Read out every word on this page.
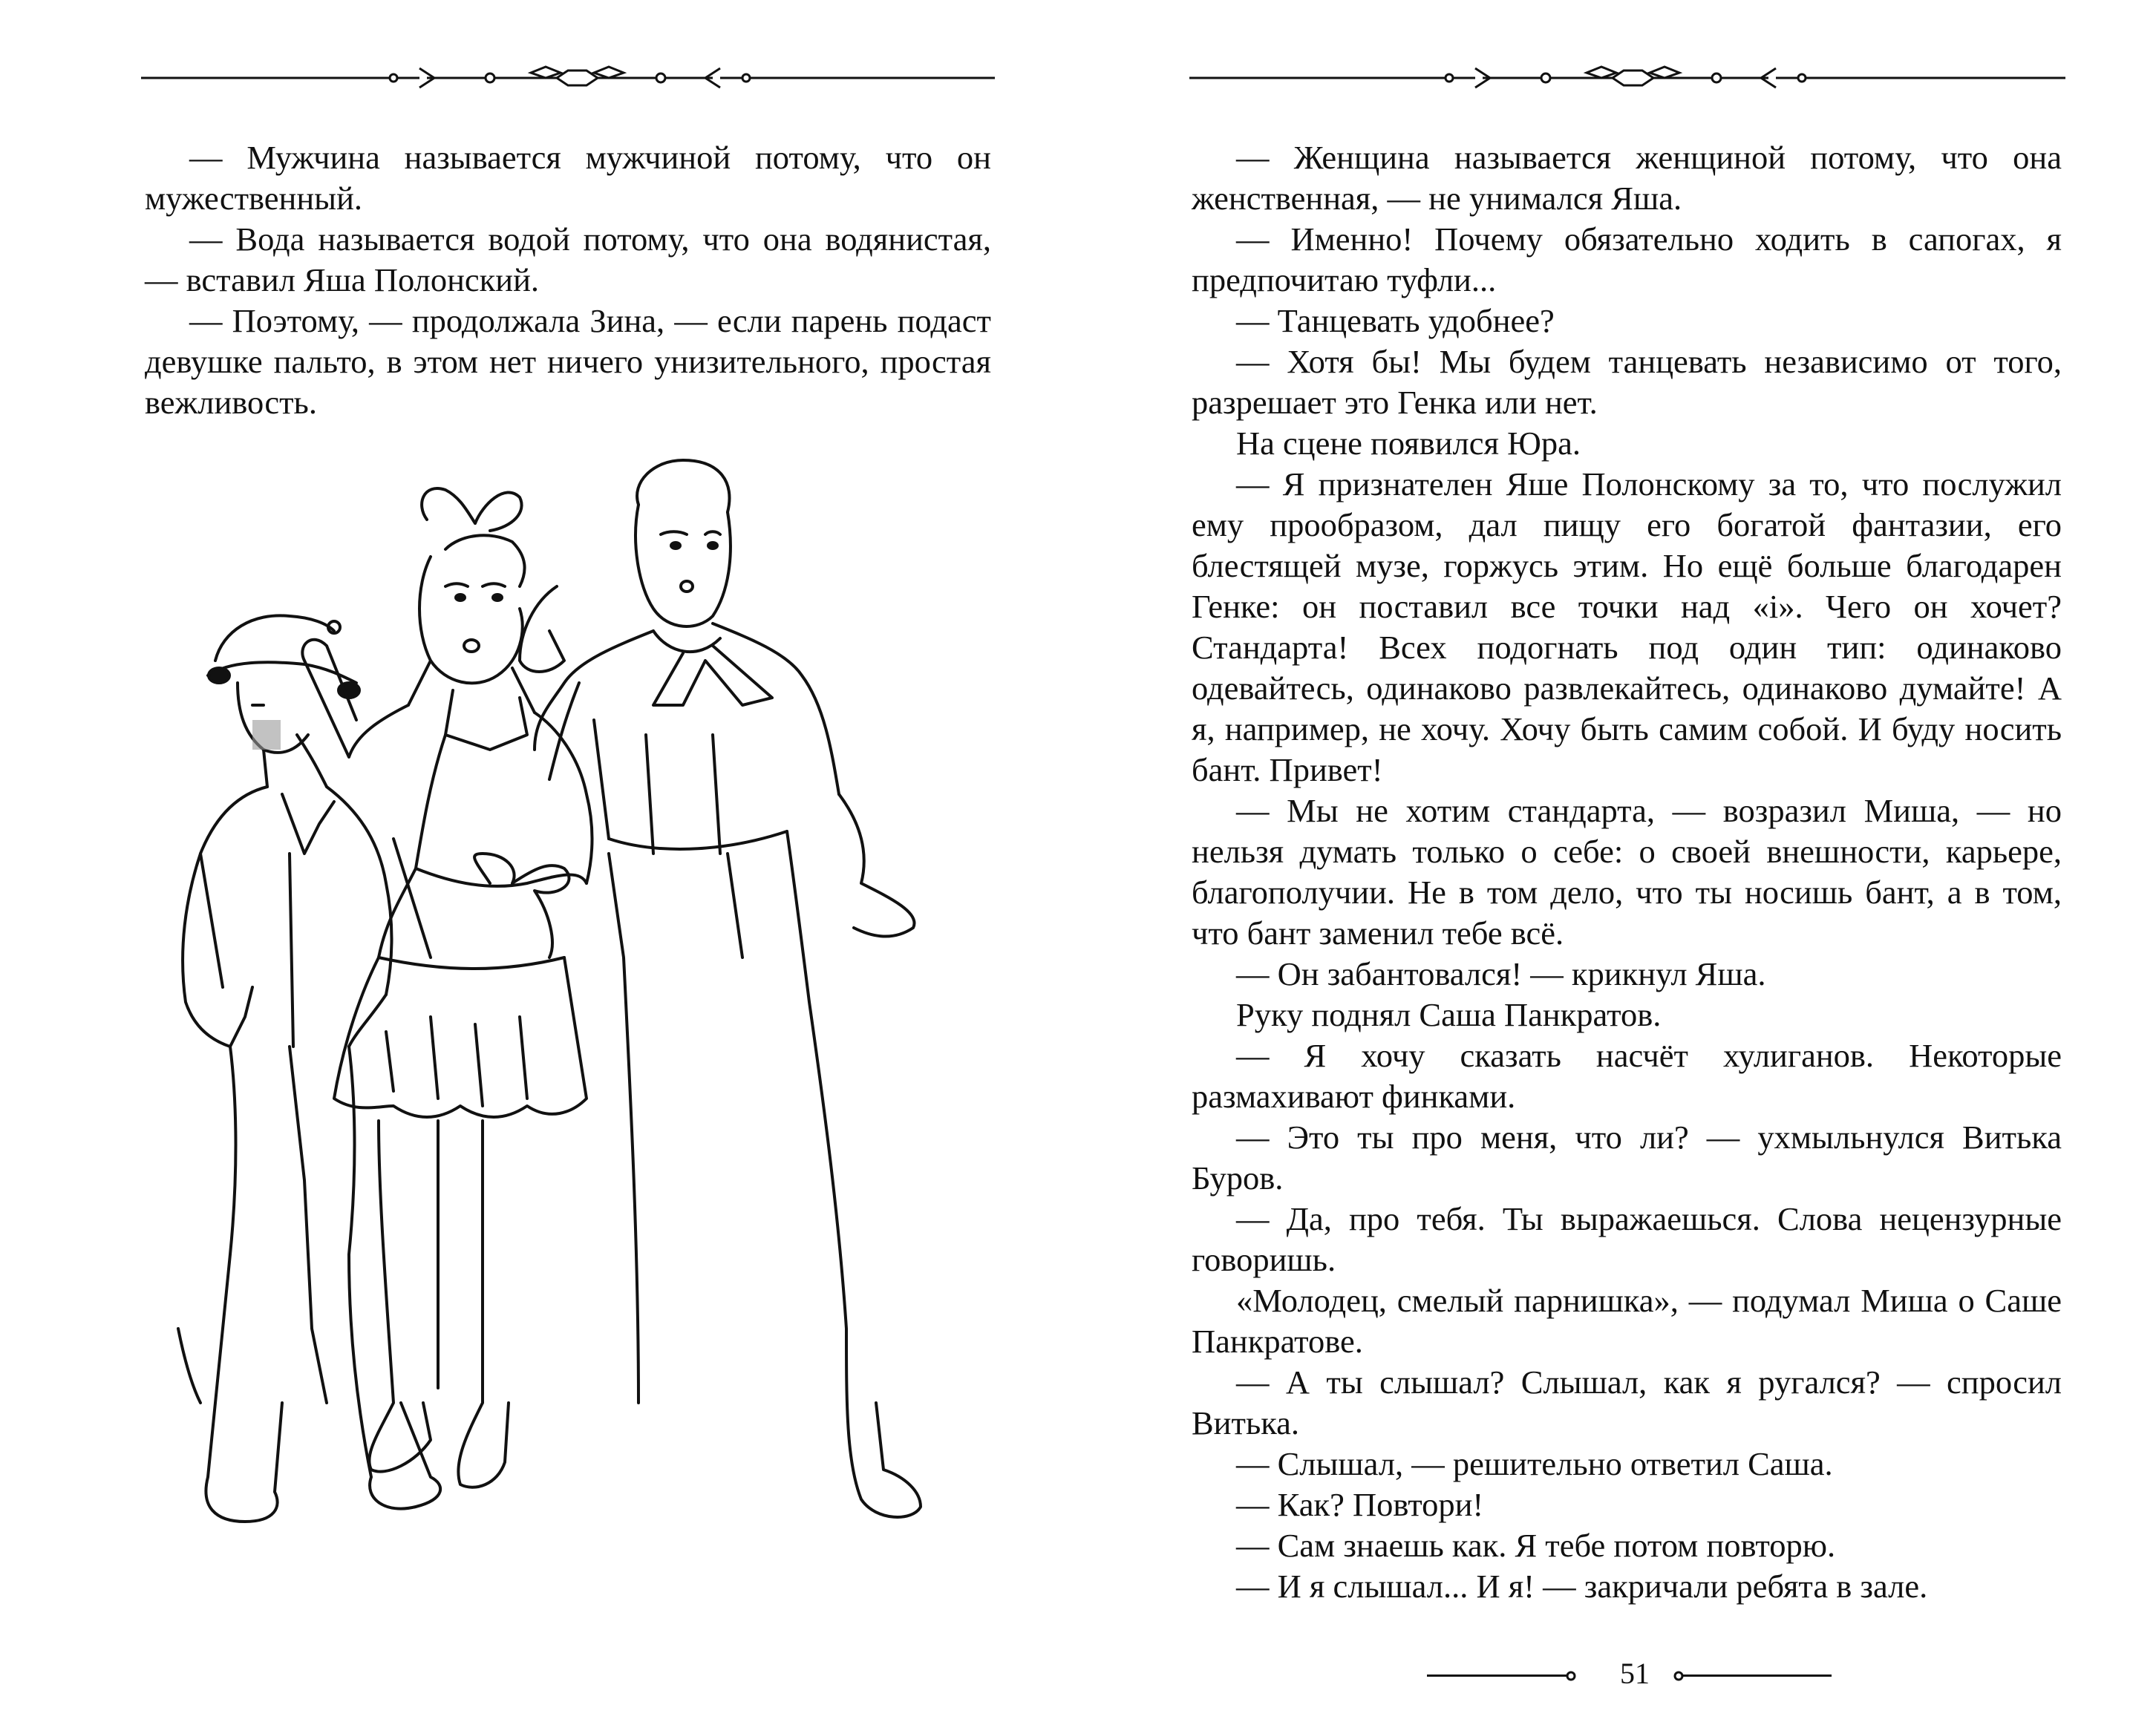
— Мужчина называется мужчиной потому, что он мужественный.

— Вода называется водой потому, что она водянистая, — вставил Яша Полонский.

— Поэтому, — продолжала Зина, — если парень подаст девушке пальто, в этом нет ничего унизительного, простая вежливость.

— Женщина называется женщиной потому, что она женственная, — не унимался Яша.

— Именно! Почему обязательно ходить в сапогах, я предпочитаю туфли...

— Танцевать удобнее?

— Хотя бы! Мы будем танцевать независимо от того, разрешает это Генка или нет.

На сцене появился Юра.

— Я признателен Яше Полонскому за то, что послужил ему прообразом, дал пищу его богатой фантазии, его блестящей музе, горжусь этим. Но ещё больше благодарен Генке: он поставил все точки над «i». Чего он хочет? Стандарта! Всех подогнать под один тип: одинаково одевайтесь, одинаково развлекайтесь, одинаково думайте! А я, например, не хочу. Хочу быть самим собой. И буду носить бант. Привет!

— Мы не хотим стандарта, — возразил Миша, — но нельзя думать только о себе: о своей внешности, карьере, благополучии. Не в том дело, что ты носишь бант, а в том, что бант заменил тебе всё.

— Он забантовался! — крикнул Яша.

Руку поднял Саша Панкратов.

— Я хочу сказать насчёт хулиганов. Некоторые размахивают финками.

— Это ты про меня, что ли? — ухмыльнулся Витька Буров.

— Да, про тебя. Ты выражаешься. Слова нецензурные говоришь.

«Молодец, смелый парнишка», — подумал Миша о Саше Панкратове.

— А ты слышал? Слышал, как я ругался? — спросил Витька.

— Слышал, — решительно ответил Саша.

— Как? Повтори!

— Сам знаешь как. Я тебе потом повторю.

— И я слышал... И я! — закричали ребята в зале.

51
